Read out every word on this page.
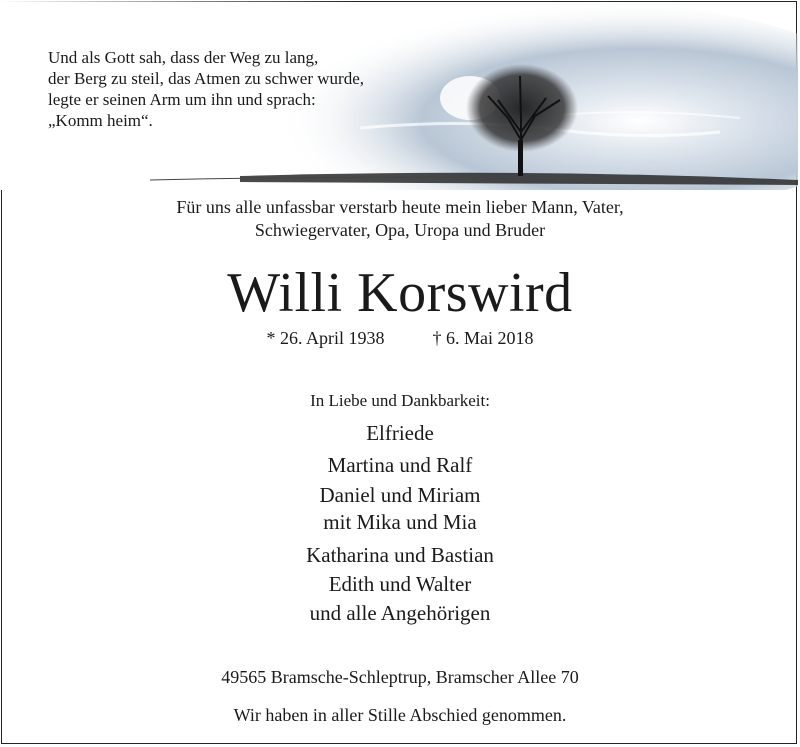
Und als Gott sah, dass der Weg zu lang,
der Berg zu steil, das Atmen zu schwer wurde,
legte er seinen Arm um ihn und sprach:
„Komm heim“.
Für uns alle unfassbar verstarb heute mein lieber Mann, Vater,
Schwiegervater, Opa, Uropa und Bruder
Willi Korswird
* 26. April 1938	† 6. Mai 2018
In Liebe und Dankbarkeit:
Elfriede
Martina und Ralf
Daniel und Miriam
mit Mika und Mia
Katharina und Bastian
Edith und Walter
und alle Angehörigen
49565 Bramsche-Schleptrup, Bramscher Allee 70
Wir haben in aller Stille Abschied genommen.
